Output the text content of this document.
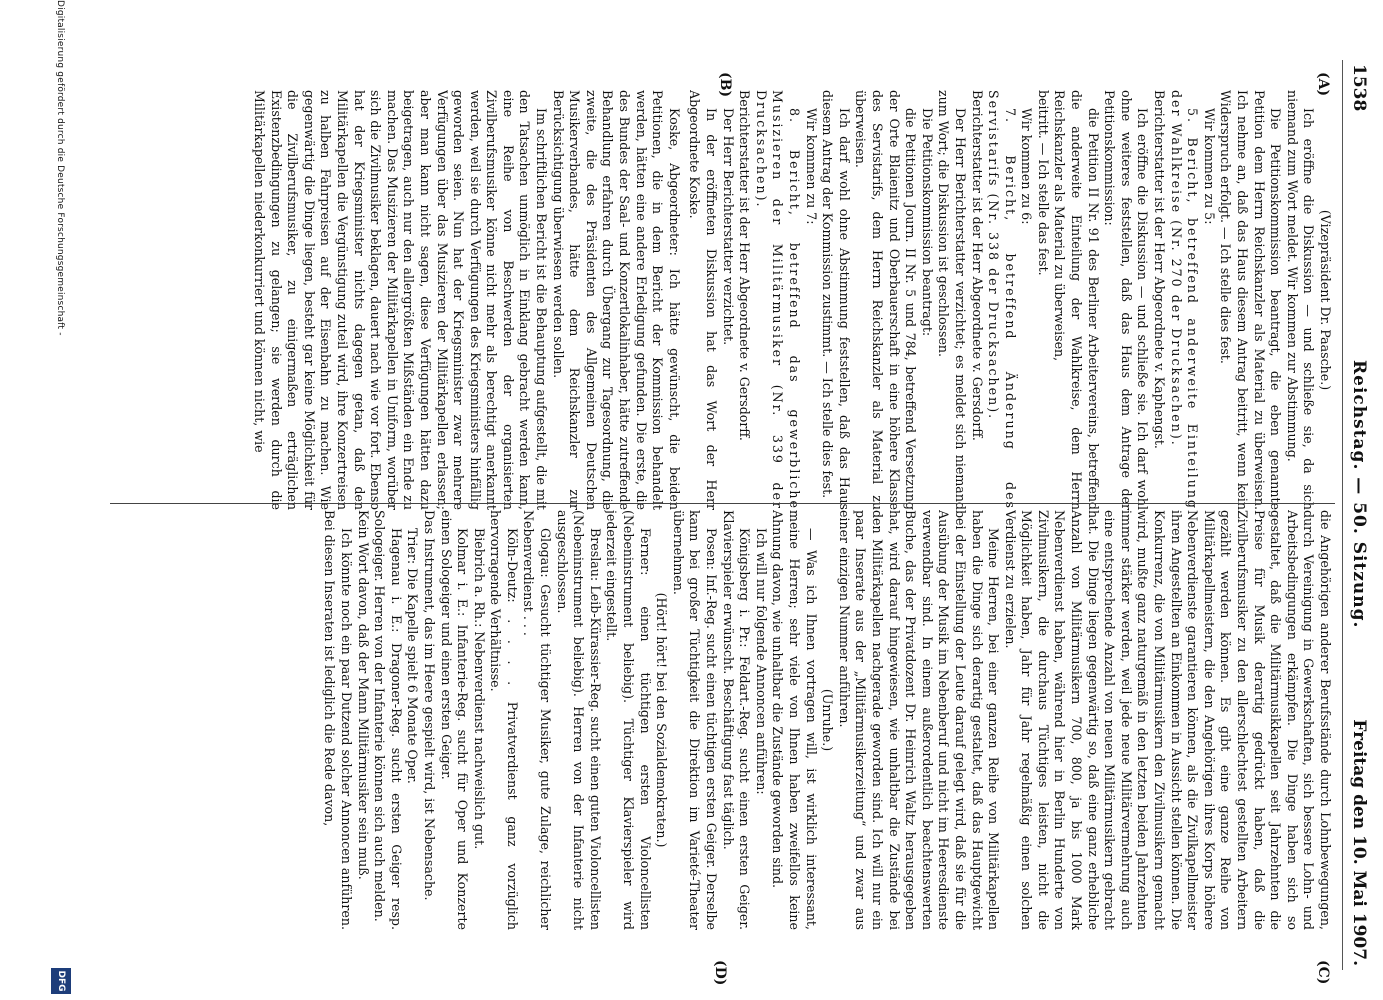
1538
Reichstag. — 50. Sitzung.
Freitag den 10. Mai 1907.
(A)
(B)
(C)
(D)

(Vizepräsident Dr. Paasche.)

Ich eröffne die Diskussion — und schließe sie, da sich niemand zum Wort meldet. Wir kommen zur Abstimmung.

Die Petitionskommission beantragt, die eben genannte Petition dem Herrn Reichskanzler als Material zu überweisen. Ich nehme an, daß das Haus diesem Antrag beitritt, wenn kein Widerspruch erfolgt. — Ich stelle dies fest.

Wir kommen zu 5:

5. Bericht, betreffend anderweite Einteilung der Wahlkreise (Nr. 270 der Drucksachen).

Berichterstatter ist der Herr Abgeordnete v. Kaphengst.

Ich eröffne die Diskussion — und schließe sie. Ich darf wohl ohne weiteres feststellen, daß das Haus dem Antrage der Petitionskommission:

die Petition II Nr. 91 des Berliner Arbeitervereins, betreffend die anderweite Einteilung der Wahlkreise, dem Herrn Reichskanzler als Material zu überweisen,

beitritt. — Ich stelle das fest.

Wir kommen zu 6:

7. Bericht, betreffend Änderung des Servistarifs (Nr. 338 der Drucksachen).

Berichterstatter ist der Herr Abgeordnete v. Gersdorff.

Der Herr Berichterstatter verzichtet; es meldet sich niemand zum Wort; die Diskussion ist geschlossen.

Die Petitionskommission beantragt:

die Petitionen Journ. II Nr. 5 und 784, betreffend Versetzung der Orte Blaienitz und Oberbauerschaft in eine höhere Klasse des Servistarifs, dem Herrn Reichskanzler als Material zu überweisen.

Ich darf wohl ohne Abstimmung feststellen, daß das Haus diesem Antrag der Kommission zustimmt. — Ich stelle dies fest.

Wir kommen zu 7:

8. Bericht, betreffend das gewerbliche Musizieren der Militärmusiker (Nr. 339 der Drucksachen).

Berichterstatter ist der Herr Abgeordnete v. Gersdorff.

Der Herr Berichterstatter verzichtet.

In der eröffneten Diskussion hat das Wort der Herr Abgeordnete Koske.

Koske, Abgeordneter: Ich hätte gewünscht, die beiden Petitionen, die in dem Bericht der Kommission behandelt werden, hätten eine andere Erledigung gefunden. Die erste, die des Bundes der Saal- und Konzertlokalinhaber, hätte zutreffende Behandlung erfahren durch Übergang zur Tagesordnung, die zweite, die des Präsidenten des Allgemeinen Deutschen Musikerverbandes, hätte dem Reichskanzler zur Berücksichtigung überwiesen werden sollen.

Im schriftlichen Bericht ist die Behauptung aufgestellt, die mit den Tatsachen unmöglich in Einklang gebracht werden kann, eine Reihe von Beschwerden der organisierten Zivilberufsmusiker könne nicht mehr als berechtigt anerkannt werden, weil sie durch Verfügungen des Kriegsministers hinfällig geworden seien. Nun hat der Kriegsminister zwar mehrere Verfügungen über das Musizieren der Militärkapellen erlassen; aber man kann nicht sagen, diese Verfügungen hätten dazu beigetragen, auch nur den allergrößten Mißständen ein Ende zu machen. Das Musizieren der Militärkapellen in Uniform, worüber sich die Zivilmusiker beklagen, dauert nach wie vor fort. Ebenso hat der Kriegsminister nichts dagegen getan, daß den Militärkapellen die Vergünstigung zuteil wird, ihre Konzertreisen zu halben Fahrpreisen auf der Eisenbahn zu machen. Wie gegenwärtig die Dinge liegen, besteht gar keine Möglichkeit für die Zivilberufsmusiker, zu einigermaßen erträglichen Existenzbedingungen zu gelangen; sie werden durch die Militärkapellen niederkonkurriert und können nicht, wie

die Angehörigen anderer Berufsstände durch Lohnbewegungen, durch Vereinigung in Gewerkschaften, sich bessere Lohn- und Arbeitsbedingungen erkämpfen. Die Dinge haben sich so gestaltet, daß die Militärmusikkapellen seit Jahrzehnten die Preise für Musik derartig gedrückt haben, daß die Zivilberufsmusiker zu den allerschlechtest gestellten Arbeitern gezählt werden können. Es gibt eine ganze Reihe von Militärkapellmeistern, die den Angehörigen ihres Korps höhere Nebenverdienste garantieren können, als die Zivilkapellmeister ihren Angestellten an Einkommen in Aussicht stellen können. Die Konkurrenz, die von Militärmusikern den Zivilmusikern gemacht wird, mußte ganz naturgemäß in den letzten beiden Jahrzehnten immer stärker werden, weil jede neue Militärvermehrung auch eine entsprechende Anzahl von neuen Militärmusikern gebracht hat. Die Dinge liegen gegenwärtig so, daß eine ganz erhebliche Anzahl von Militärmusikern 700, 800, ja bis 1000 Mark Nebenverdienst haben, während hier in Berlin Hunderte von Zivilmusikern, die durchaus Tüchtiges leisten, nicht die Möglichkeit haben, Jahr für Jahr regelmäßig einen solchen Verdienst zu erzielen.

Meine Herren, bei einer ganzen Reihe von Militärkapellen haben die Dinge sich derartig gestaltet, daß das Hauptgewicht bei der Einstellung der Leute darauf gelegt wird, daß sie für die Ausübung der Musik im Nebenberuf und nicht im Heeresdienste verwendbar sind. In einem außerordentlich beachtenswerten Buche, das der Privatdozent Dr. Heinrich Waltz herausgegeben hat, wird darauf hingewiesen, wie unhaltbar die Zustände bei den Militärkapellen nachgerade geworden sind. Ich will nur ein paar Inserate aus der „Militärmusikerzeitung“ und zwar aus einer einzigen Nummer anführen.

(Unruhe.)

— Was ich Ihnen vortragen will, ist wirklich interessant, meine Herren; sehr viele von Ihnen haben zweifellos keine Ahnung davon, wie unhaltbar die Zustände geworden sind.

Ich will nur folgende Annoncen anführen:

Königsberg i. Pr.: Feldart.-Reg. sucht einen ersten Geiger. Klavierspieler erwünscht. Beschäftigung fast täglich.

Posen: Inf.-Reg. sucht einen tüchtigen ersten Geiger. Derselbe kann bei großer Tüchtigkeit die Direktion im Varieté-Theater übernehmen.

(Hört! hört! bei den Sozialdemokraten.)

Ferner: einen tüchtigen ersten Violoncellisten (Nebeninstrument beliebig). Tüchtiger Klavierspieler wird jederzeit eingestellt.

Breslau: Leib-Kürassier-Reg. sucht einen guten Violoncellisten (Nebeninstrument beliebig). Herren von der Infanterie nicht ausgeschlossen.

Glogau: Gesucht tüchtiger Musiker, gute Zulage, reichlicher Nebenverdienst . . .

Köln-Deutz: . . . . Privatverdienst ganz vorzüglich hervorragende Verhältnisse.

Biebrich a. Rh.: Nebenverdienst nachweislich gut.

Kolmar i. E.: Infanterie-Reg. sucht für Oper und Konzerte einen Sologeiger und einen ersten Geiger.

Das Instrument, das im Heere gespielt wird, ist Nebensache.

Trier: Die Kapelle spielt 6 Monate Oper.

Hagenau i. E.: Dragoner-Reg. sucht ersten Geiger resp. Sologeiger. Herren von der Infanterie können sich auch melden.

Kein Wort davon, daß der Mann Militärmusiker sein muß.

Ich könnte noch ein paar Dutzend solcher Annoncen anführen. Bei diesen Inseraten ist lediglich die Rede davon,

Digitalisierung gefördert durch die Deutsche Forschungsgemeinschaft -
DFG
